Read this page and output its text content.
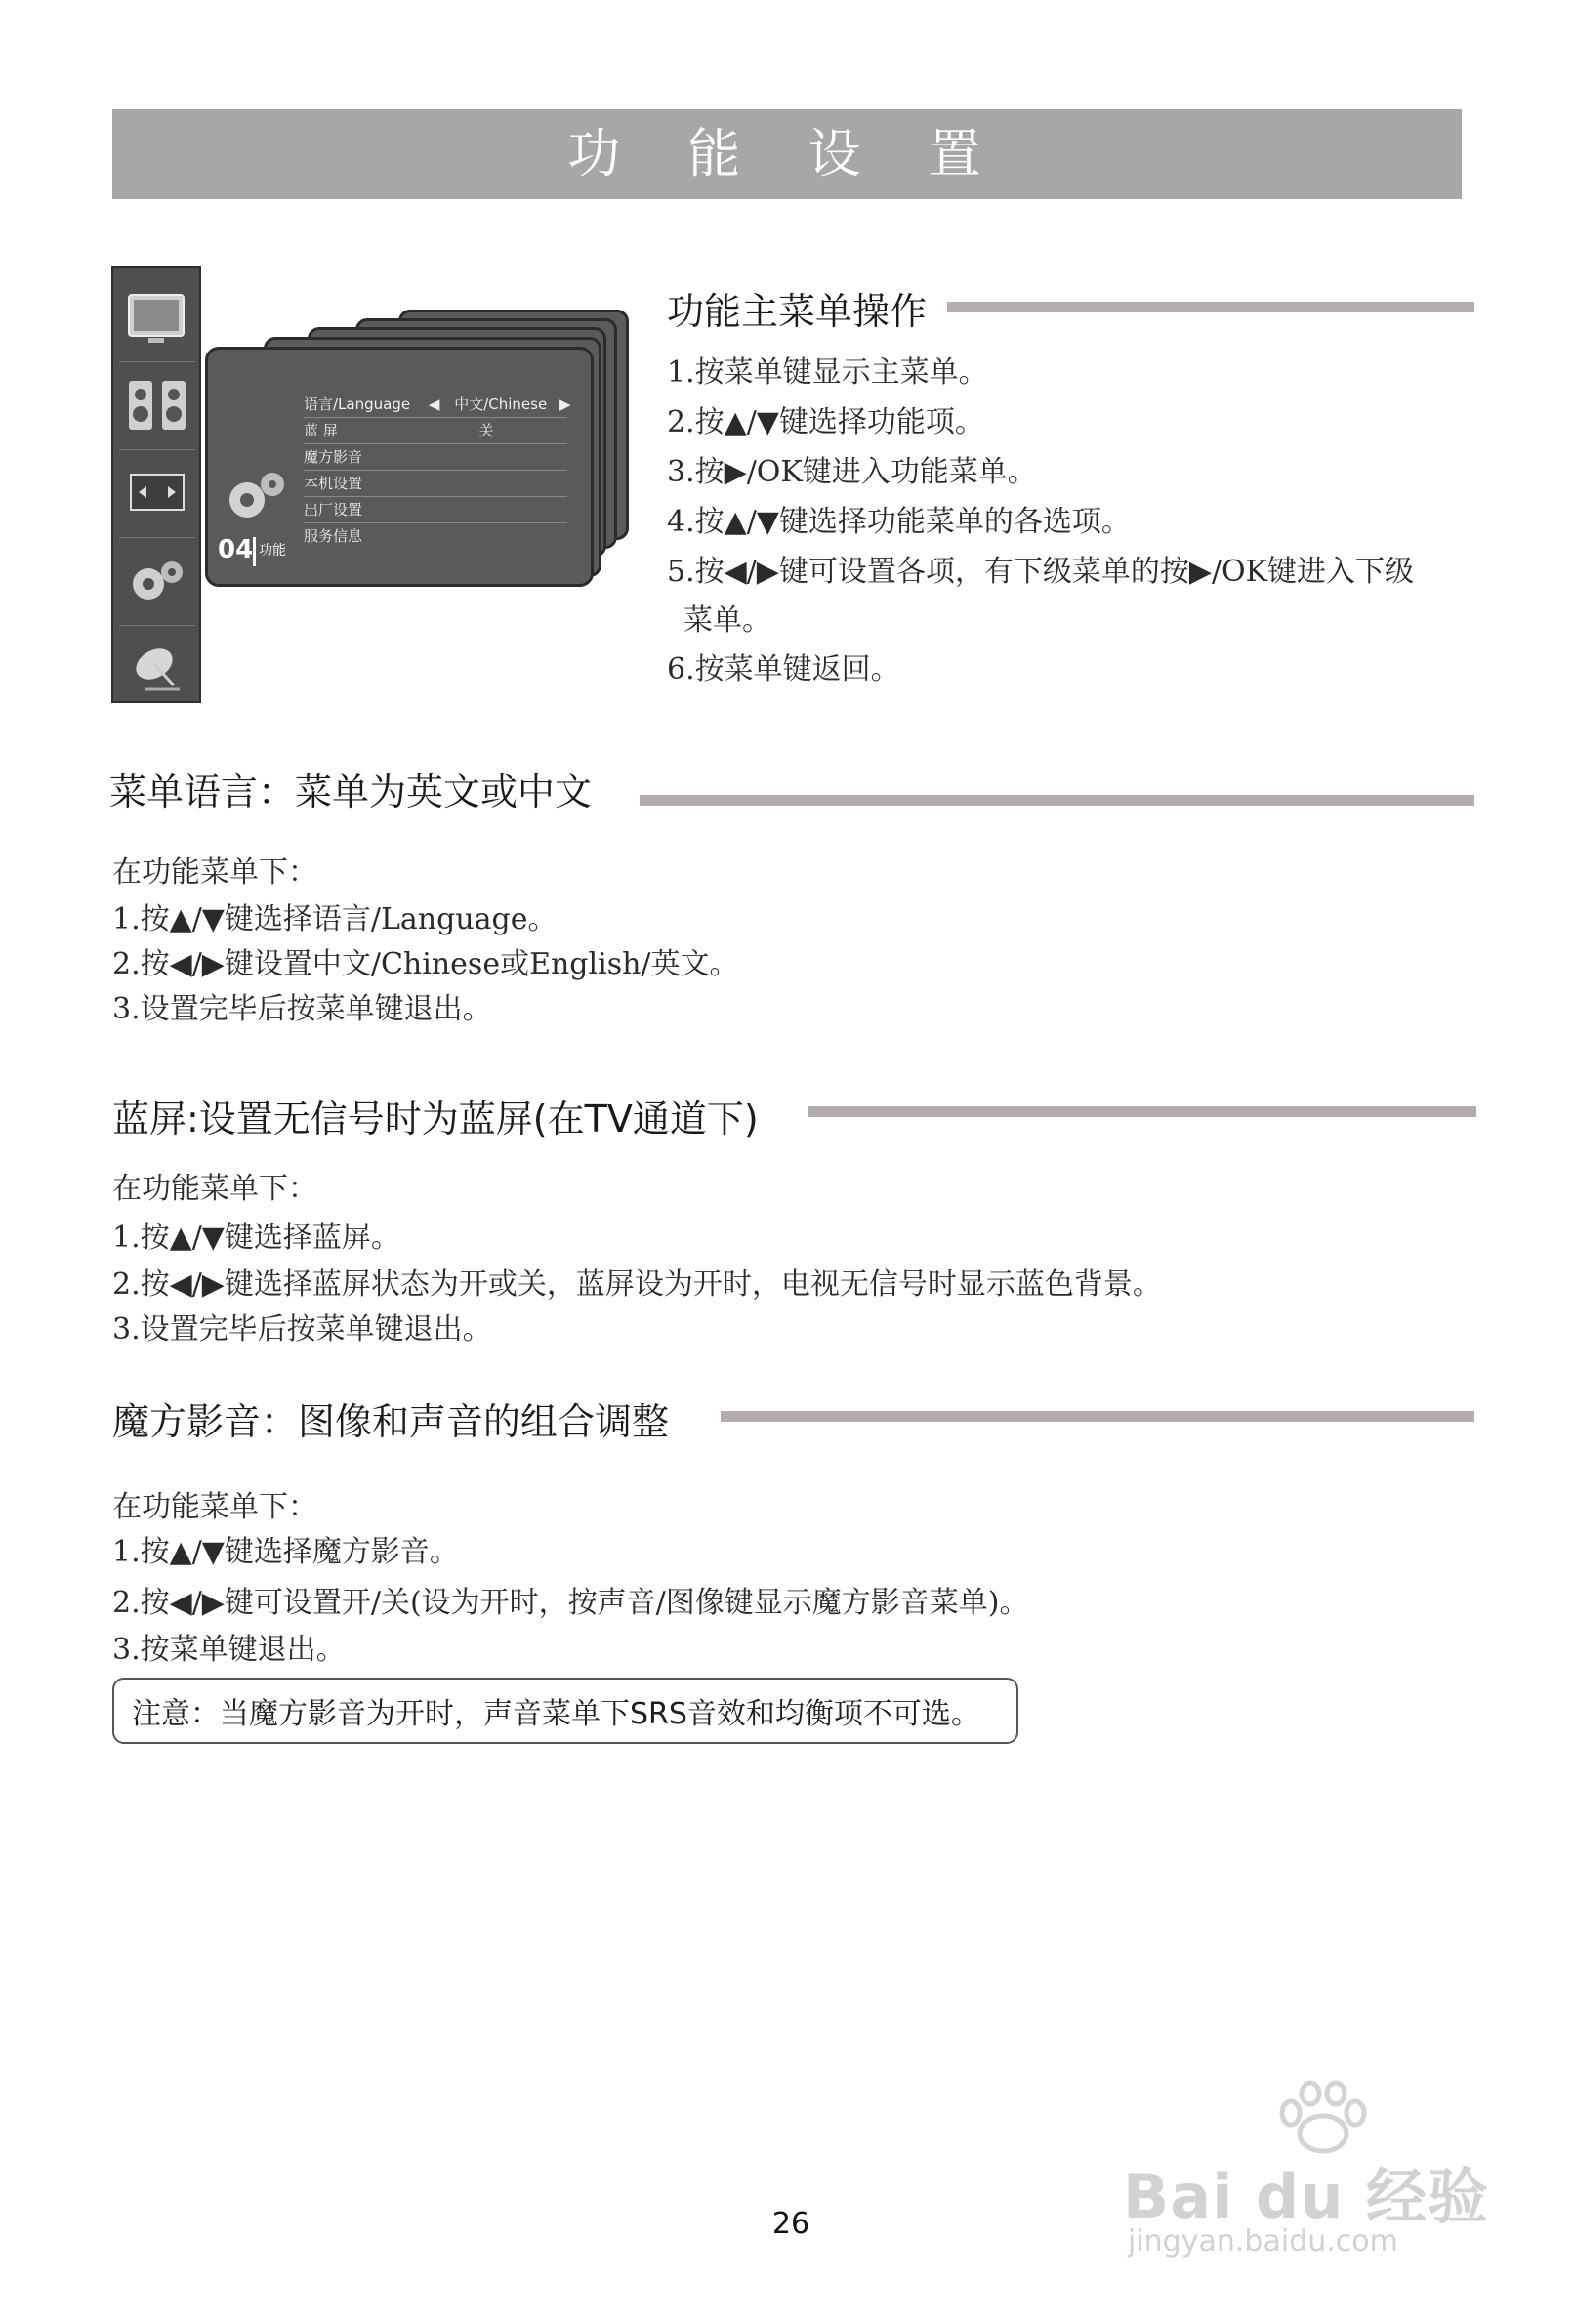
功 能 设 置
语言/Language ◀ 中文/Chinese ▶
蓝 屏	关
魔方影音
本机设置
出厂设置
服务信息
04 功能
功能主菜单操作
1.按菜单键显示主菜单。
2.按▲/▼键选择功能项。
3.按▶/OK键进入功能菜单。
4.按▲/▼键选择功能菜单的各选项。
5.按◀/▶键可设置各项，有下级菜单的按▶/OK键进入下级
菜单。
6.按菜单键返回。
菜单语言：菜单为英文或中文
在功能菜单下：
1.按▲/▼键选择语言/Language。
2.按◀/▶键设置中文/Chinese或English/英文。
3.设置完毕后按菜单键退出。
蓝屏:设置无信号时为蓝屏(在TV通道下)
在功能菜单下：
1.按▲/▼键选择蓝屏。
2.按◀/▶键选择蓝屏状态为开或关，蓝屏设为开时，电视无信号时显示蓝色背景。
3.设置完毕后按菜单键退出。
魔方影音：图像和声音的组合调整
在功能菜单下：
1.按▲/▼键选择魔方影音。
2.按◀/▶键可设置开/关(设为开时，按声音/图像键显示魔方影音菜单)。
3.按菜单键退出。
注意：当魔方影音为开时，声音菜单下SRS音效和均衡项不可选。
Bai du 经验
jingyan.baidu.com
26
